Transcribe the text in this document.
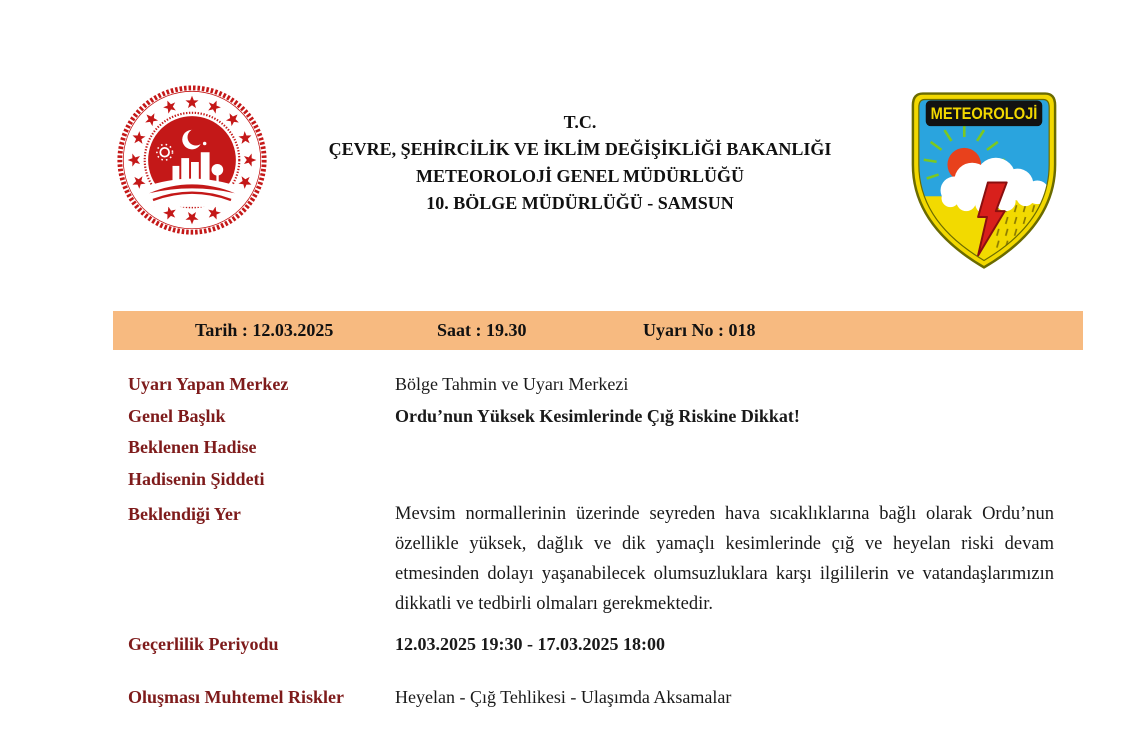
T.C.
ÇEVRE, ŞEHİRCİLİK VE İKLİM DEĞİŞİKLİĞİ BAKANLIĞI
METEOROLOJİ GENEL MÜDÜRLÜĞÜ
10. BÖLGE MÜDÜRLÜĞÜ - SAMSUN
METEOROLOJİ
Tarih : 12.03.2025	Saat : 19.30	Uyarı No : 018
Uyarı Yapan Merkez	Bölge Tahmin ve Uyarı Merkezi
Genel Başlık	Ordu’nun Yüksek Kesimlerinde Çığ Riskine Dikkat!
Beklenen Hadise
Hadisenin Şiddeti
Beklendiği Yer	Mevsim normallerinin üzerinde seyreden hava sıcaklıklarına bağlı olarak Ordu’nun özellikle yüksek, dağlık ve dik yamaçlı kesimlerinde çığ ve heyelan riski devam etmesinden dolayı yaşanabilecek olumsuzluklara karşı ilgililerin ve vatandaşlarımızın dikkatli ve tedbirli olmaları gerekmektedir.
Geçerlilik Periyodu	12.03.2025 19:30 - 17.03.2025 18:00
Oluşması Muhtemel Riskler	Heyelan - Çığ Tehlikesi - Ulaşımda Aksamalar
